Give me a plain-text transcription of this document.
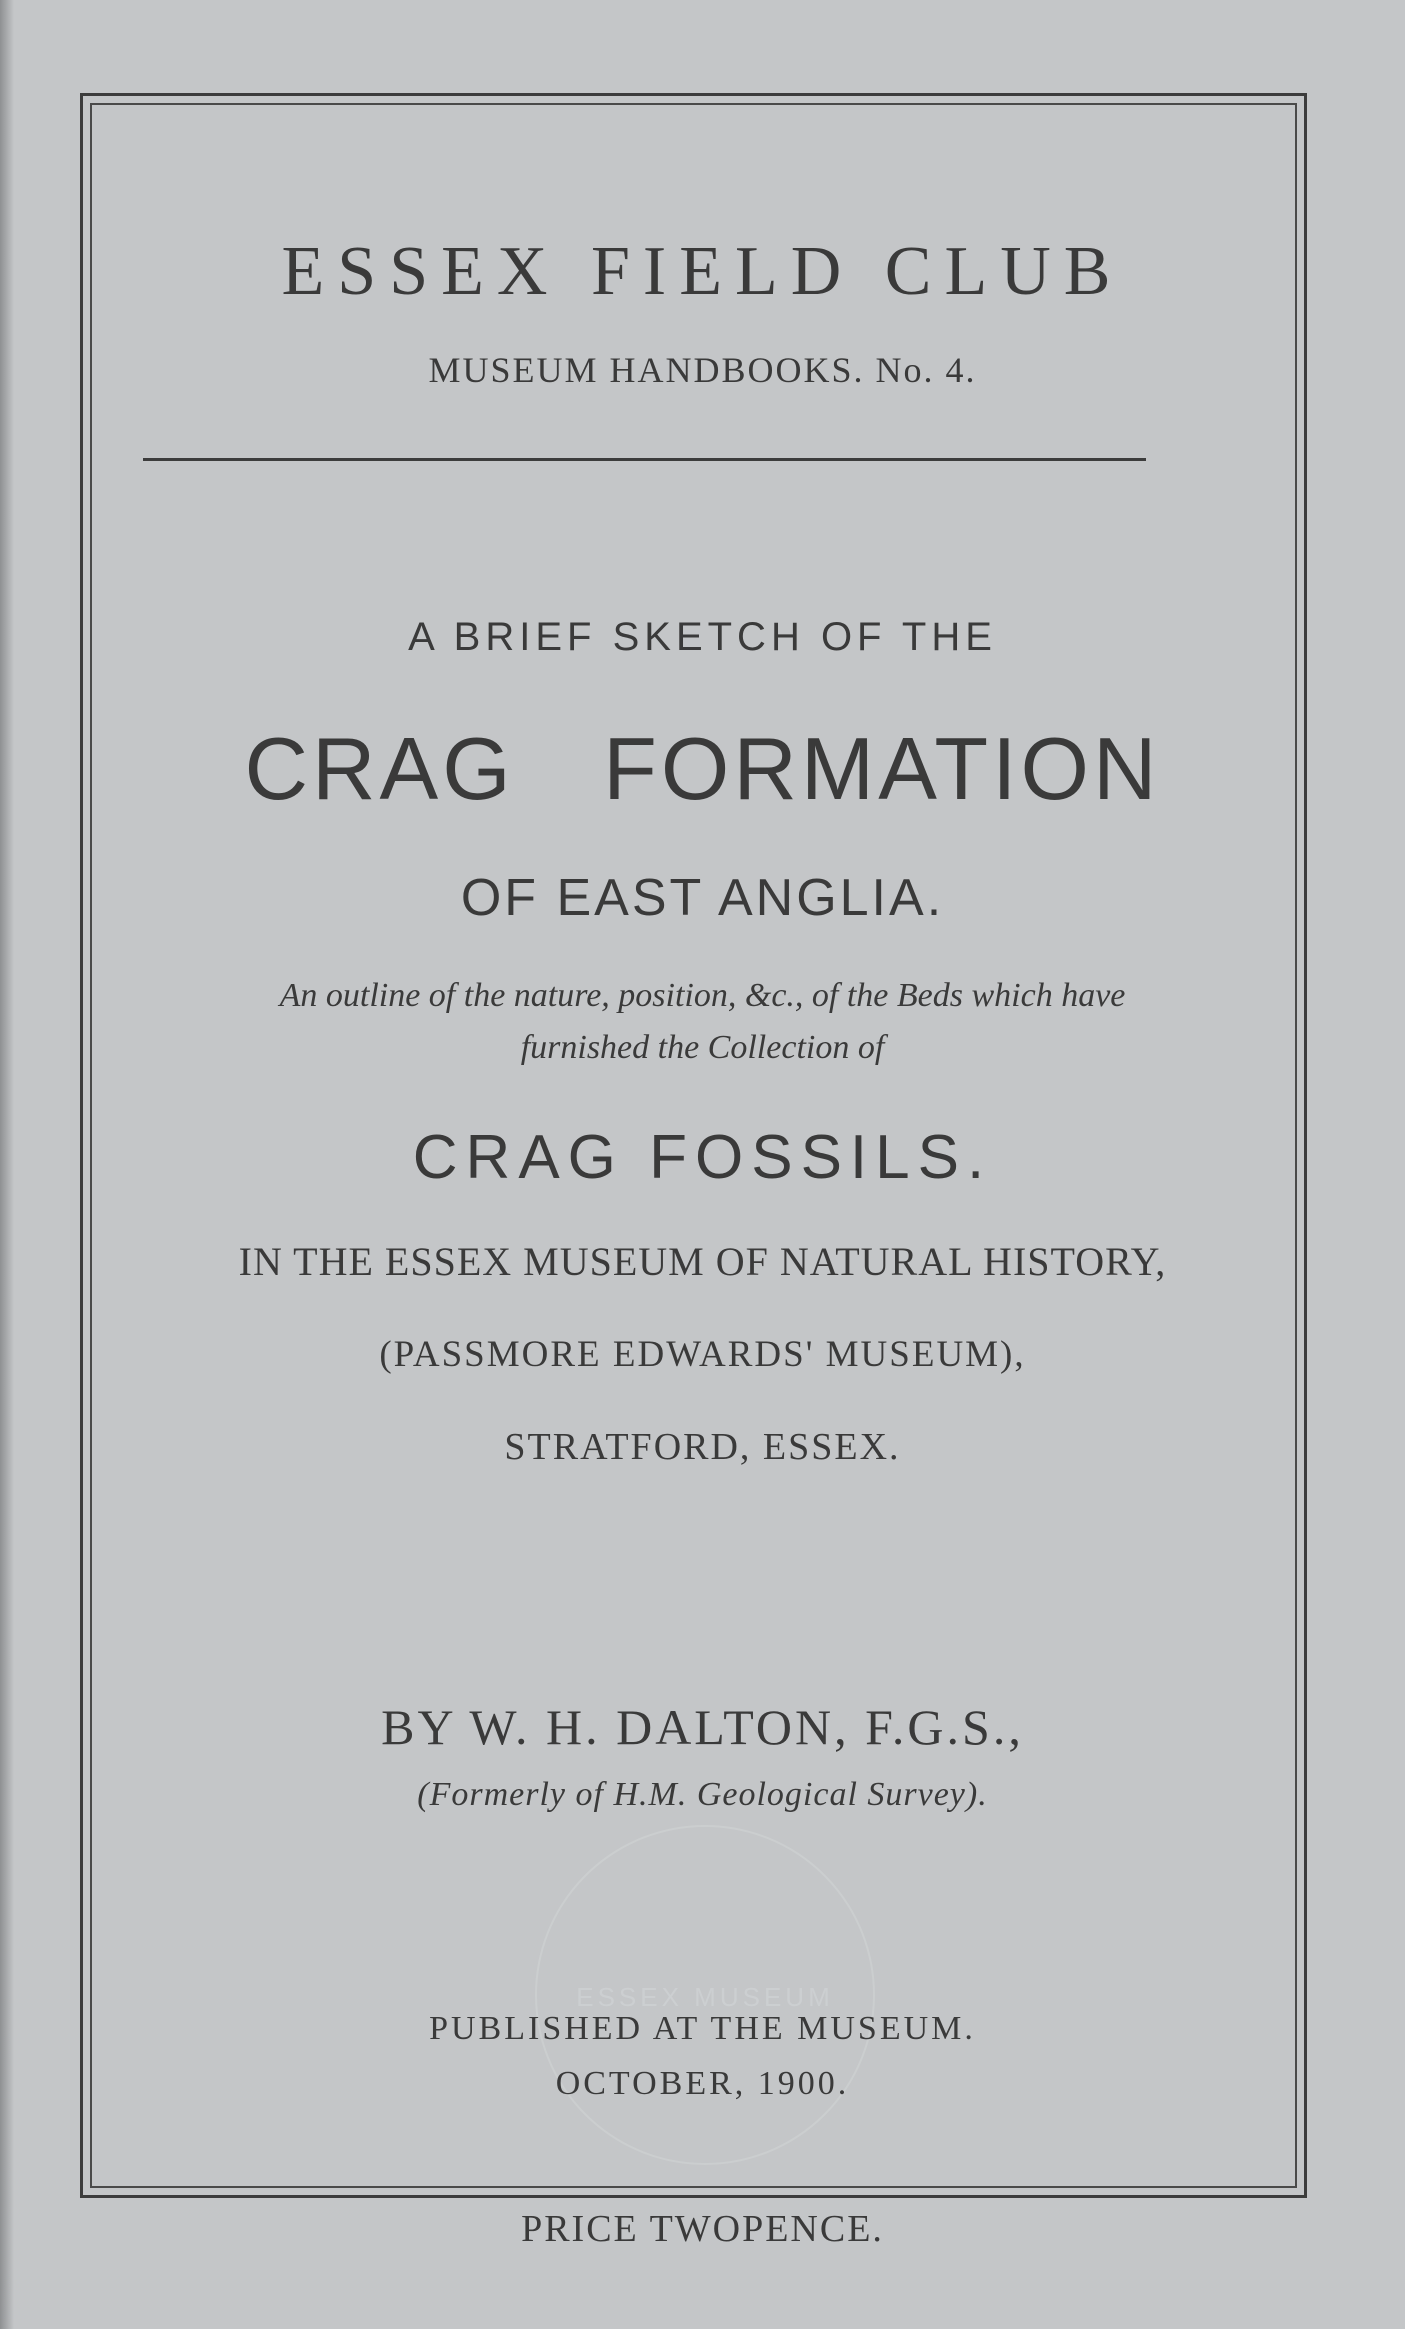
ESSEX FIELD CLUB
MUSEUM HANDBOOKS. No. 4.
A BRIEF SKETCH OF THE
CRAG FORMATION
OF EAST ANGLIA.
An outline of the nature, position, &c., of the Beds which have
furnished the Collection of
CRAG FOSSILS.
IN THE ESSEX MUSEUM OF NATURAL HISTORY,
(PASSMORE EDWARDS' MUSEUM),
STRATFORD, ESSEX.
BY W. H. DALTON, F.G.S.,
(Formerly of H.M. Geological Survey).
ESSEX MUSEUM
PUBLISHED AT THE MUSEUM.
OCTOBER, 1900.
PRICE TWOPENCE.
